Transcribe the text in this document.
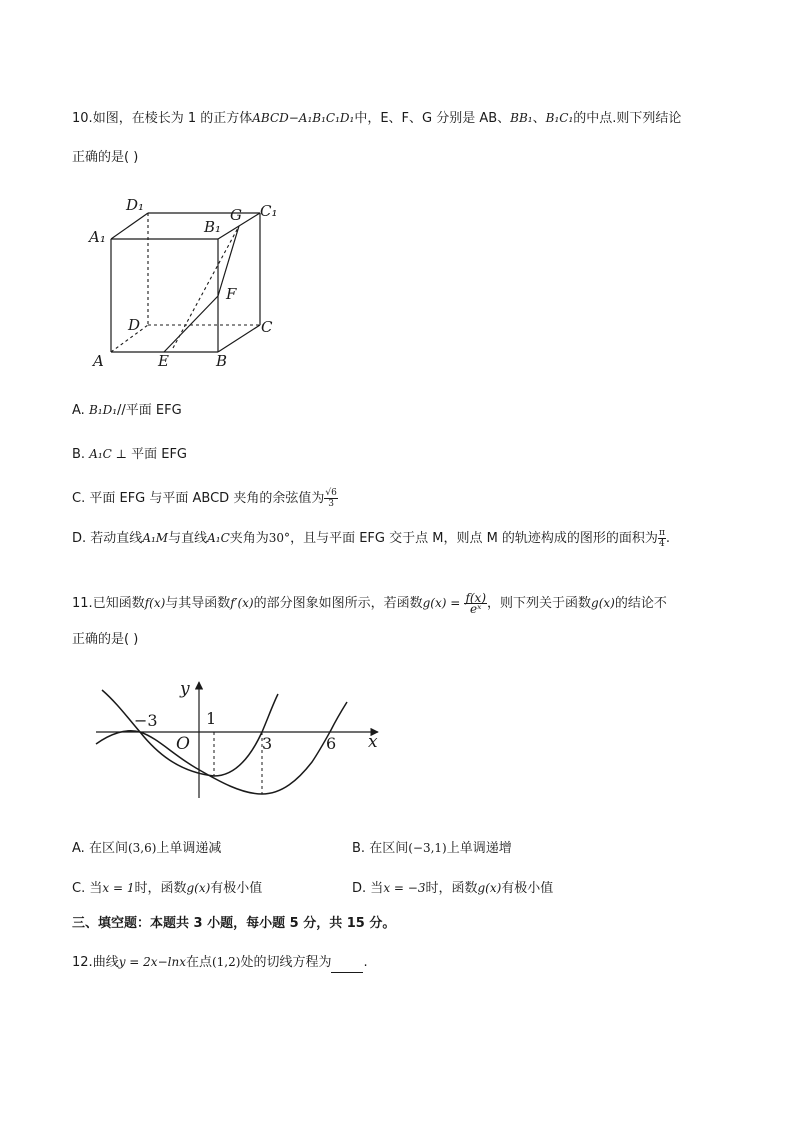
10.如图，在棱长为 1 的正方体ABCD−A₁B₁C₁D₁中，E、F、G 分别是 AB、BB₁、B₁C₁的中点.则下列结论
正确的是( )
D₁	C₁
A₁
B₁
G
F
D	C
A	E	B
A. B₁D₁//平面 EFG
B. A₁C ⊥ 平面 EFG
C. 平面 EFG 与平面 ABCD 夹角的余弦值为 $\frac{√6}{3}$
D. 若动直线A₁M与直线A₁C夹角为30°，且与平面 EFG 交于点 M，则点 M 的轨迹构成的图形的面积为 $\frac{\pi}{4}$ .
11.已知函数f(x)与其导函数f′(x)的部分图象如图所示，若函数$g(x) = \frac{f(x)}{\text{eˣ}}$ ，则下列关于函数g(x)的结论不
正确的是( )
y
x
O
−3	1
3	6
A. 在区间(3,6)上单调递减	B. 在区间(−3,1)上单调递增
C. 当x = 1时，函数g(x)有极小值	D. 当x = −3时，函数g(x)有极小值
三、填空题：本题共 3 小题，每小题 5 分，共 15 分。
12.曲线y = 2x−lnx在点(1,2)处的切线方程为 .
